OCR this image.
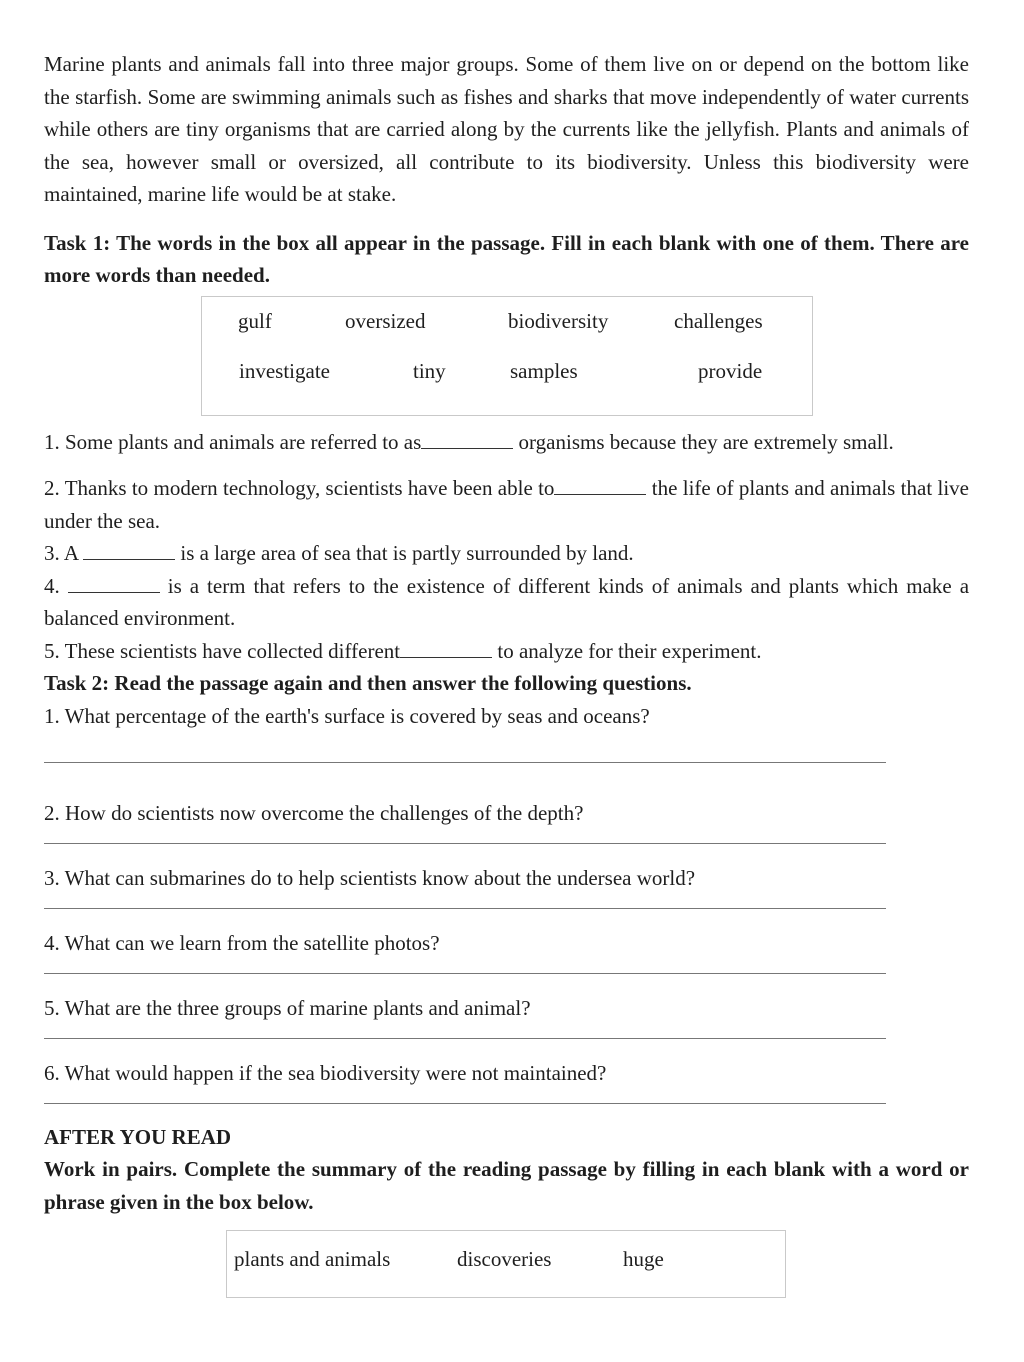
Marine plants and animals fall into three major groups. Some of them live on or depend on the bottom like the starfish. Some are swimming animals such as fishes and sharks that move independently of water currents while others are tiny organisms that are carried along by the currents like the jellyfish. Plants and animals of the sea, however small or oversized, all contribute to its biodiversity. Unless this biodiversity were maintained, marine life would be at stake.

Task 1: The words in the box all appear in the passage. Fill in each blank with one of them. There are more words than needed.

gulf	oversized	biodiversity	challenges
investigate	tiny	samples	provide

1. Some plants and animals are referred to as	organisms because they are extremely small.

2. Thanks to modern technology, scientists have been able to	the life of plants and animals that live under the sea.

3. A	is a large area of sea that is partly surrounded by land.

4.	is a term that refers to the existence of different kinds of animals and plants which make a balanced environment.

5. These scientists have collected different	to analyze for their experiment.

Task 2: Read the passage again and then answer the following questions.

1. What percentage of the earth's surface is covered by seas and oceans?

2. How do scientists now overcome the challenges of the depth?

3. What can submarines do to help scientists know about the undersea world?

4. What can we learn from the satellite photos?

5. What are the three groups of marine plants and animal?

6. What would happen if the sea biodiversity were not maintained?

AFTER YOU READ

Work in pairs. Complete the summary of the reading passage by filling in each blank with a word or phrase given in the box below.

plants and animals	discoveries	huge
